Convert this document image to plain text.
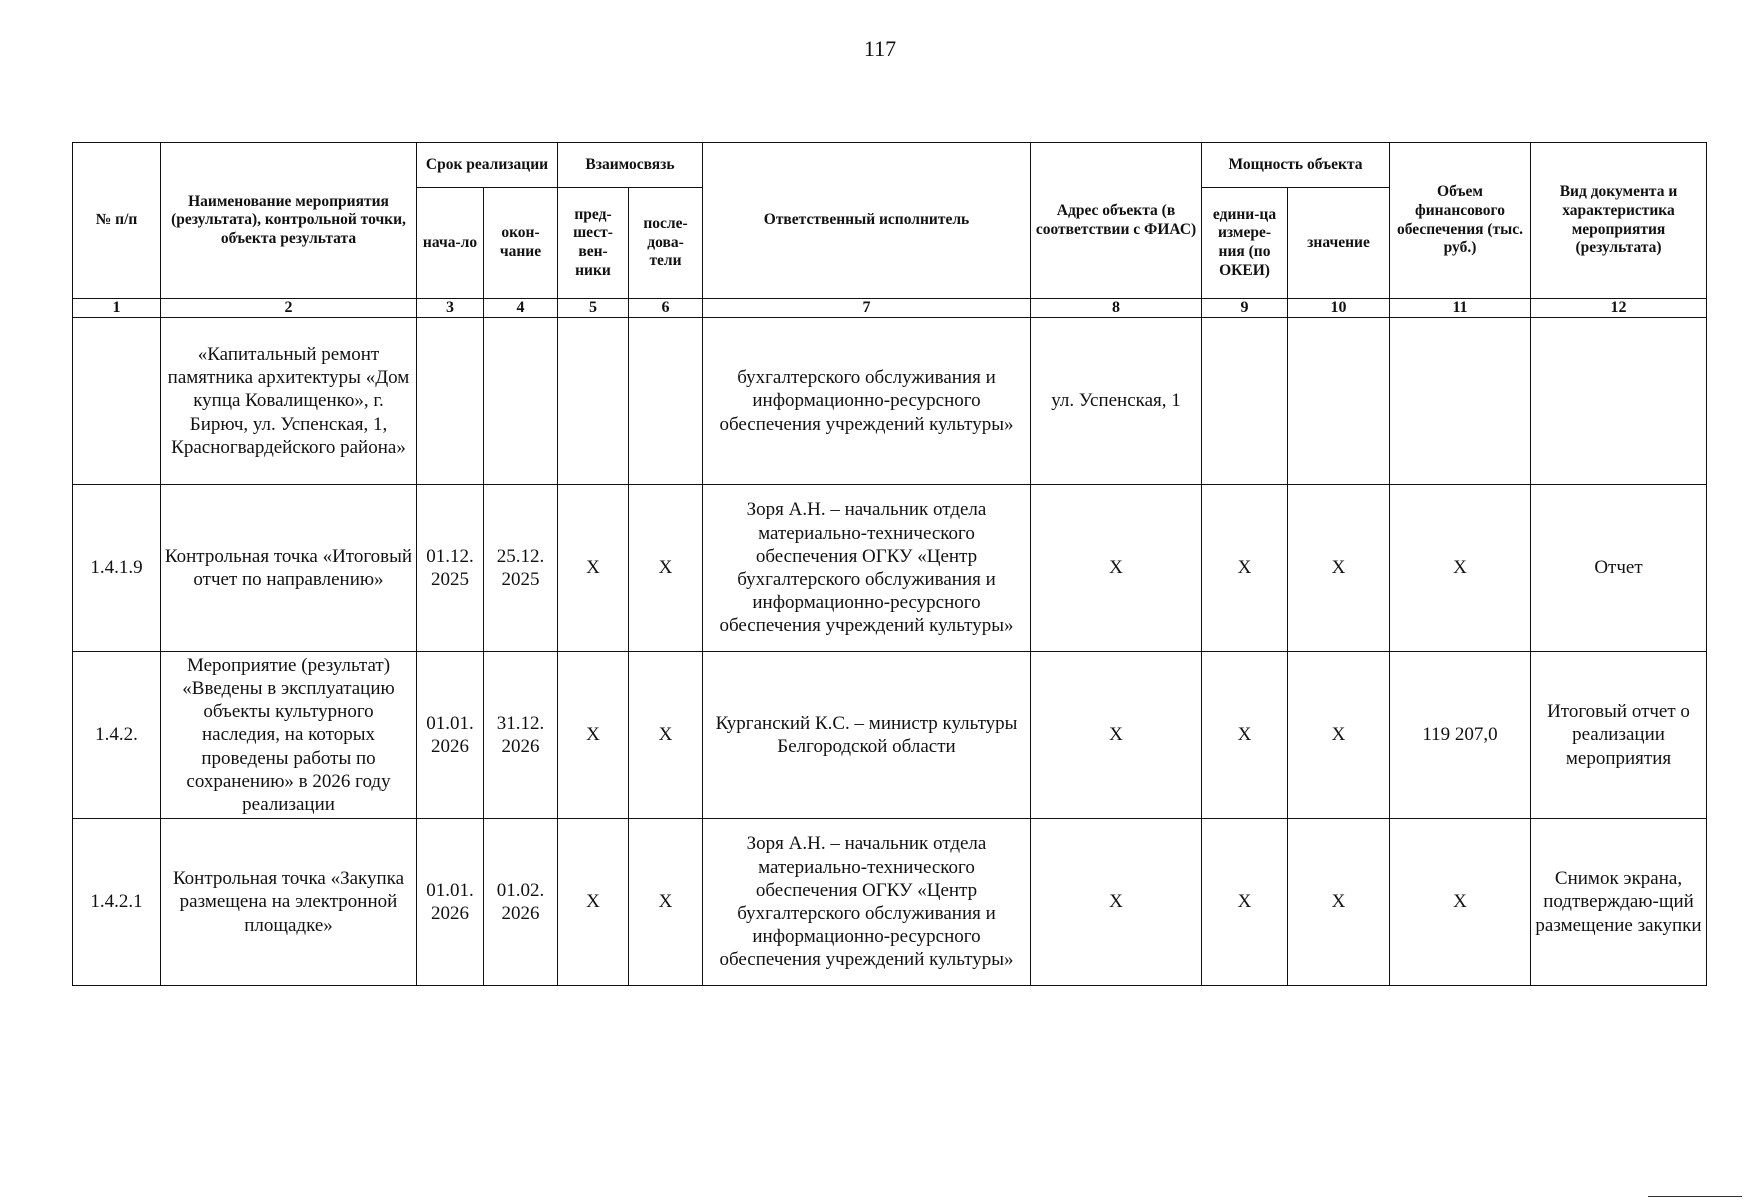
117
№ п/п	Наименование мероприятия (результата), контрольной точки, объекта результата	Срок реализации		Взаимосвязь		Ответственный исполнитель	Адрес объекта (в соответствии с ФИАС)	Мощность объекта		Объем финансового обеспечения (тыс. руб.)	Вид документа и характеристика мероприятия (результата)
		нача-ло	окон-чание	пред-шест-вен-ники	после-дова-тели			едини-ца измере-ния (по ОКЕИ)	значение		
1	2	3	4	5	6	7	8	9	10	11	12
	«Капитальный ремонт памятника архитектуры «Дом купца Ковалищенко», г. Бирюч, ул. Успенская, 1, Красногвардейского района»					бухгалтерского обслуживания и информационно-ресурсного обеспечения учреждений культуры»	ул. Успенская, 1				
1.4.1.9	Контрольная точка «Итоговый отчет по направлению»	01.12. 2025	25.12. 2025	Х	Х	Зоря А.Н. – начальник отдела материально-технического обеспечения ОГКУ «Центр бухгалтерского обслуживания и информационно-ресурсного обеспечения учреждений культуры»	Х	Х	Х	Х	Отчет
1.4.2.	Мероприятие (результат) «Введены в эксплуатацию объекты культурного наследия, на которых проведены работы по сохранению» в 2026 году реализации	01.01. 2026	31.12. 2026	Х	Х	Курганский К.С. – министр культуры Белгородской области	Х	Х	Х	119 207,0	Итоговый отчет о реализации мероприятия
1.4.2.1	Контрольная точка «Закупка размещена на электронной площадке»	01.01. 2026	01.02. 2026	Х	Х	Зоря А.Н. – начальник отдела материально-технического обеспечения ОГКУ «Центр бухгалтерского обслуживания и информационно-ресурсного обеспечения учреждений культуры»	Х	Х	Х	Х	Снимок экрана, подтверждаю-щий размещение закупки
